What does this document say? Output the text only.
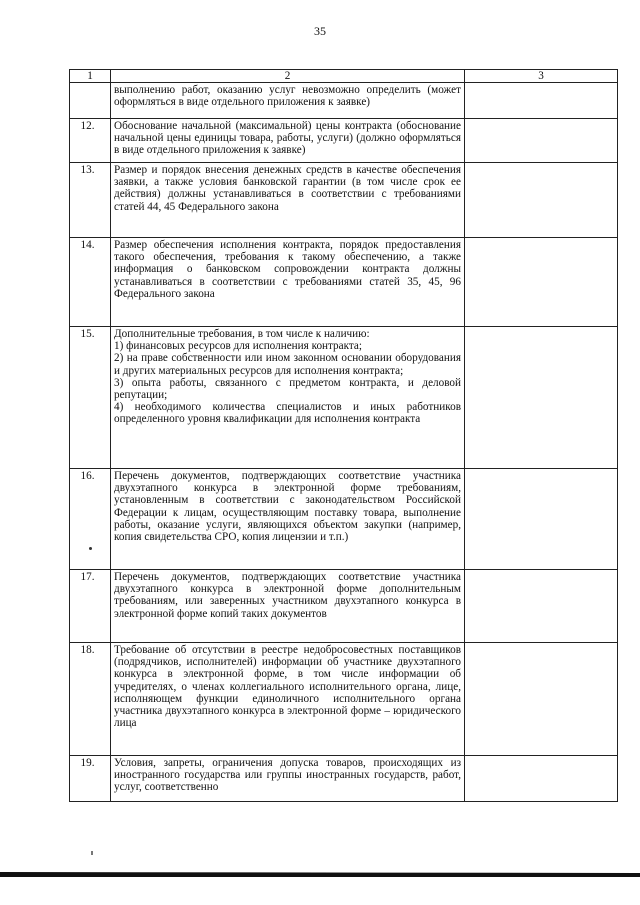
35
1	2	3

	выполнению работ, оказанию услуг невозможно определить (может оформляться в виде отдельного приложения к заявке)	

12.	Обоснование начальной (максимальной) цены контракта (обоснование начальной цены единицы товара, работы, услуги) (должно оформляться в виде отдельного приложения к заявке)	

13.	Размер и порядок внесения денежных средств в качестве обеспечения заявки, а также условия банковской гарантии (в том числе срок ее действия) должны устанавливаться в соответствии с требованиями статей 44, 45 Федерального закона	

14.	Размер обеспечения исполнения контракта, порядок предоставления такого обеспечения, требования к такому обеспечению, а также информация о банковском сопровождении контракта должны устанавливаться в соответствии с требованиями статей 35, 45, 96 Федерального закона	

15.	Дополнительные требования, в том числе к наличию:

1) финансовых ресурсов для исполнения контракта;

2) на праве собственности или ином законном основании оборудования и других материальных ресурсов для исполнения контракта;

3) опыта работы, связанного с предметом контракта, и деловой репутации;

4) необходимого количества специалистов и иных работников определенного уровня квалификации для исполнения контракта	

16.	Перечень документов, подтверждающих соответствие участника двухэтапного конкурса в электронной форме требованиям, установленным в соответствии с законодательством Российской Федерации к лицам, осуществляющим поставку товара, выполнение работы, оказание услуги, являющихся объектом закупки (например, копия свидетельства СРО, копия лицензии и т.п.)	

17.	Перечень документов, подтверждающих соответствие участника двухэтапного конкурса в электронной форме дополнительным требованиям, или заверенных участником двухэтапного конкурса в электронной форме копий таких документов	

18.	Требование об отсутствии в реестре недобросовестных поставщиков (подрядчиков, исполнителей) информации об участнике двухэтапного конкурса в электронной форме, в том числе информации об учредителях, о членах коллегиального исполнительного органа, лице, исполняющем функции единоличного исполнительного органа участника двухэтапного конкурса в электронной форме – юридического лица	

19.	Условия, запреты, ограничения допуска товаров, происходящих из иностранного государства или группы иностранных государств, работ, услуг, соответственно	
